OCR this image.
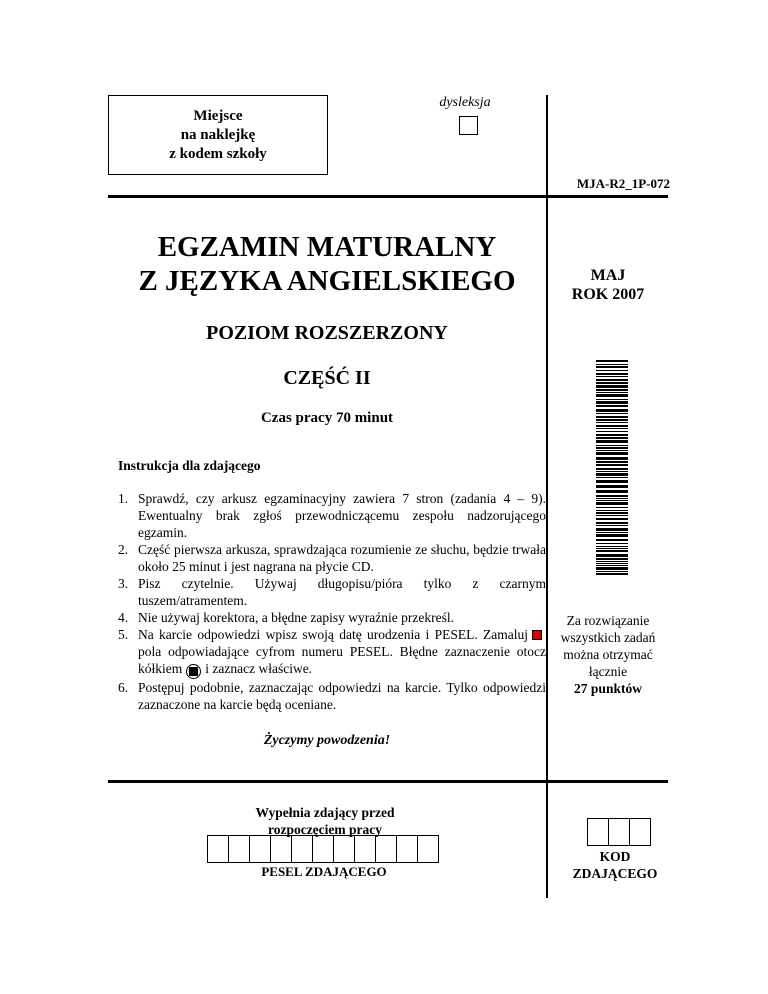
Miejsce
na naklejkę
z kodem szkoły
dysleksja
MJA-R2_1P-072
EGZAMIN MATURALNY
Z JĘZYKA ANGIELSKIEGO
POZIOM ROZSZERZONY
CZĘŚĆ II
Czas pracy 70 minut
MAJ
ROK 2007
Instrukcja dla zdającego
1. Sprawdź, czy arkusz egzaminacyjny zawiera 7 stron (zadania 4 – 9). Ewentualny brak zgłoś przewodniczącemu zespołu nadzorującego egzamin.
2. Część pierwsza arkusza, sprawdzająca rozumienie ze słuchu, będzie trwała około 25 minut i jest nagrana na płycie CD.
3. Pisz czytelnie. Używaj długopisu/pióra tylko z czarnym tuszem/atramentem.
4. Nie używaj korektora, a błędne zapisy wyraźnie przekreśl.
5. Na karcie odpowiedzi wpisz swoją datę urodzenia i PESEL. Zamalujpola odpowiadające cyfrom numeru PESEL. Błędne zaznaczenie otocz kółkiem i zaznacz właściwe.
6. Postępuj podobnie, zaznaczając odpowiedzi na karcie. Tylko odpowiedzi zaznaczone na karcie będą oceniane.
Za rozwiązanie
wszystkich zadań
można otrzymać
łącznie
27 punktów
Życzymy powodzenia!
Wypełnia zdający przed
rozpoczęciem pracy
PESEL ZDAJĄCEGO
KOD
ZDAJĄCEGO
